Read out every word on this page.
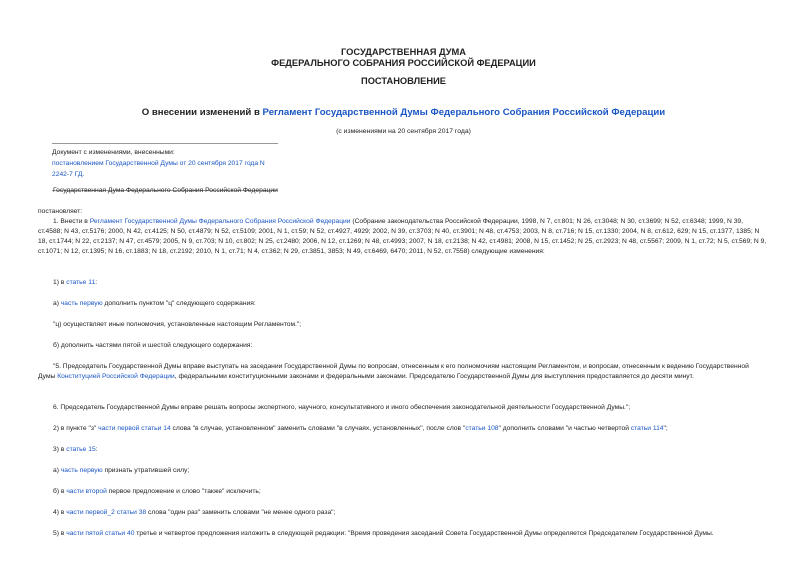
ГОСУДАРСТВЕННАЯ ДУМА
ФЕДЕРАЛЬНОГО СОБРАНИЯ РОССИЙСКОЙ ФЕДЕРАЦИИ
ПОСТАНОВЛЕНИЕ
О внесении изменений в Регламент Государственной Думы Федерального Собрания Российской Федерации
(с изменениями на 20 сентября 2017 года)
Документ с изменениями, внесенными:
постановлением Государственной Думы от 20 сентября 2017 года N 2242-7 ГД.
Государственная Дума Федерального Собрания Российской Федерации
постановляет:
1. Внести в Регламент Государственной Думы Федерального Собрания Российской Федерации (Собрание законодательства Российской Федерации, 1998, N 7, ст.801; N 26, ст.3048; N 30, ст.3699; N 52, ст.6348; 1999, N 39, ст.4588; N 43, ст.5176; 2000, N 42, ст.4125; N 50, ст.4879; N 52, ст.5109; 2001, N 1, ст.59; N 52, ст.4927, 4929; 2002, N 39, ст.3703; N 40, ст.3901; N 48, ст.4753; 2003, N 8, ст.716; N 15, ст.1330; 2004, N 8, ст.612, 629; N 15, ст.1377, 1385; N 18, ст.1744; N 22, ст.2137; N 47, ст.4579; 2005, N 9, ст.703; N 10, ст.802; N 25, ст.2480; 2006, N 12, ст.1269; N 48, ст.4993; 2007, N 18, ст.2138; N 42, ст.4981; 2008, N 15, ст.1452; N 25, ст.2923; N 48, ст.5567; 2009, N 1, ст.72; N 5, ст.569; N 9, ст.1071; N 12, ст.1395; N 16, ст.1883; N 18, ст.2192; 2010, N 1, ст.71; N 4, ст.362; N 29, ст.3851, 3853; N 49, ст.6469, 6470; 2011, N 52, ст.7558) следующие изменения:
1) в статье 11:
а) часть первую дополнить пунктом "ц" следующего содержания:
"ц) осуществляет иные полномочия, установленные настоящим Регламентом.";
б) дополнить частями пятой и шестой следующего содержания:
"5. Председатель Государственной Думы вправе выступать на заседании Государственной Думы по вопросам, отнесенным к его полномочиям настоящим Регламентом, и вопросам, отнесенным к ведению Государственной Думы Конституцией Российской Федерации, федеральными конституционными законами и федеральными законами. Председателю Государственной Думы для выступления предоставляется до десяти минут.
6. Председатель Государственной Думы вправе решать вопросы экспертного, научного, консультативного и иного обеспечения законодательной деятельности Государственной Думы.";
2) в пункте "з" части первой статьи 14 слова "в случае, установленном" заменить словами "в случаях, установленных", после слов "статьи 108" дополнить словами "и частью четвертой статьи 114";
3) в статье 15:
а) часть первую признать утратившей силу;
б) в части второй первое предложение и слово "также" исключить;
4) в части первой_2 статьи 38 слова "один раз" заменить словами "не менее одного раза";
5) в части пятой статьи 40 третье и четвертое предложения изложить в следующей редакции: "Время проведения заседаний Совета Государственной Думы определяется Председателем Государственной Думы.
